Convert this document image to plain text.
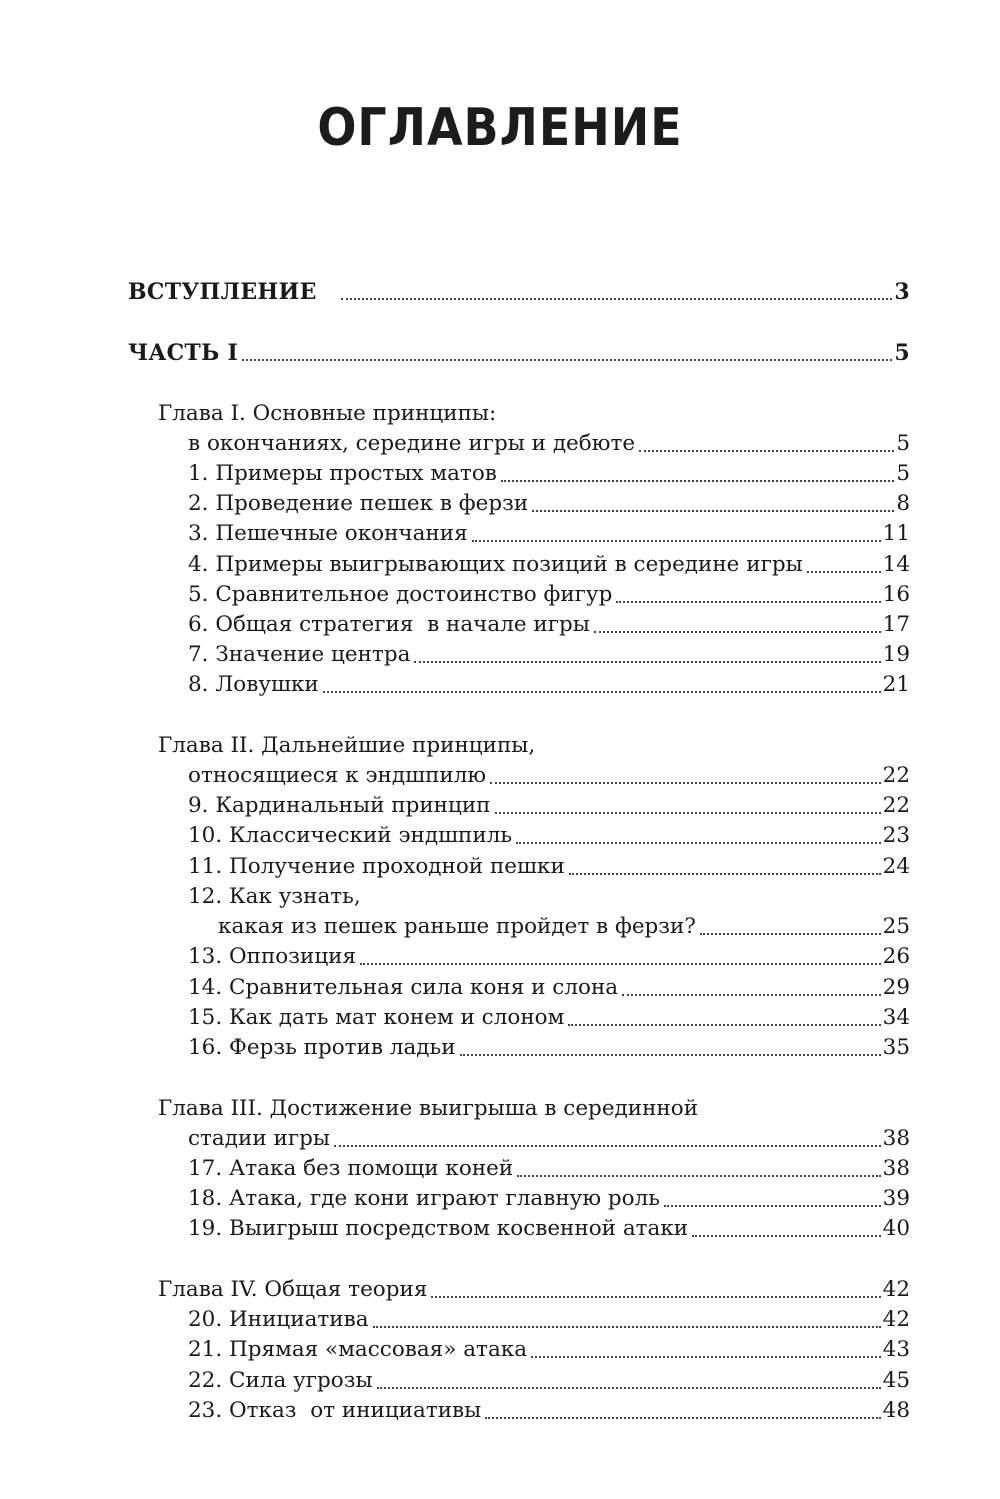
ОГЛАВЛЕНИЕ
ВСТУПЛЕНИЕ	3
ЧАСТЬ I	5
Глава I. Основные принципы:
в окончаниях, середине игры и дебюте	5
1. Примеры простых матов	5
2. Проведение пешек в ферзи	8
3. Пешечные окончания	11
4. Примеры выигрывающих позиций в середине игры	14
5. Сравнительное достоинство фигур	16
6. Общая стратегия  в начале игры	17
7. Значение центра	19
8. Ловушки	21
Глава II. Дальнейшие принципы,
относящиеся к эндшпилю	22
9. Кардинальный принцип	22
10. Классический эндшпиль	23
11. Получение проходной пешки	24
12. Как узнать,
какая из пешек раньше пройдет в ферзи?	25
13. Оппозиция	26
14. Сравнительная сила коня и слона	29
15. Как дать мат конем и слоном	34
16. Ферзь против ладьи	35
Глава III. Достижение выигрыша в серединной
стадии игры	38
17. Атака без помощи коней	38
18. Атака, где кони играют главную роль	39
19. Выигрыш посредством косвенной атаки	40
Глава IV. Общая теория	42
20. Инициатива	42
21. Прямая «массовая» атака	43
22. Сила угрозы	45
23. Отказ  от инициативы	48
